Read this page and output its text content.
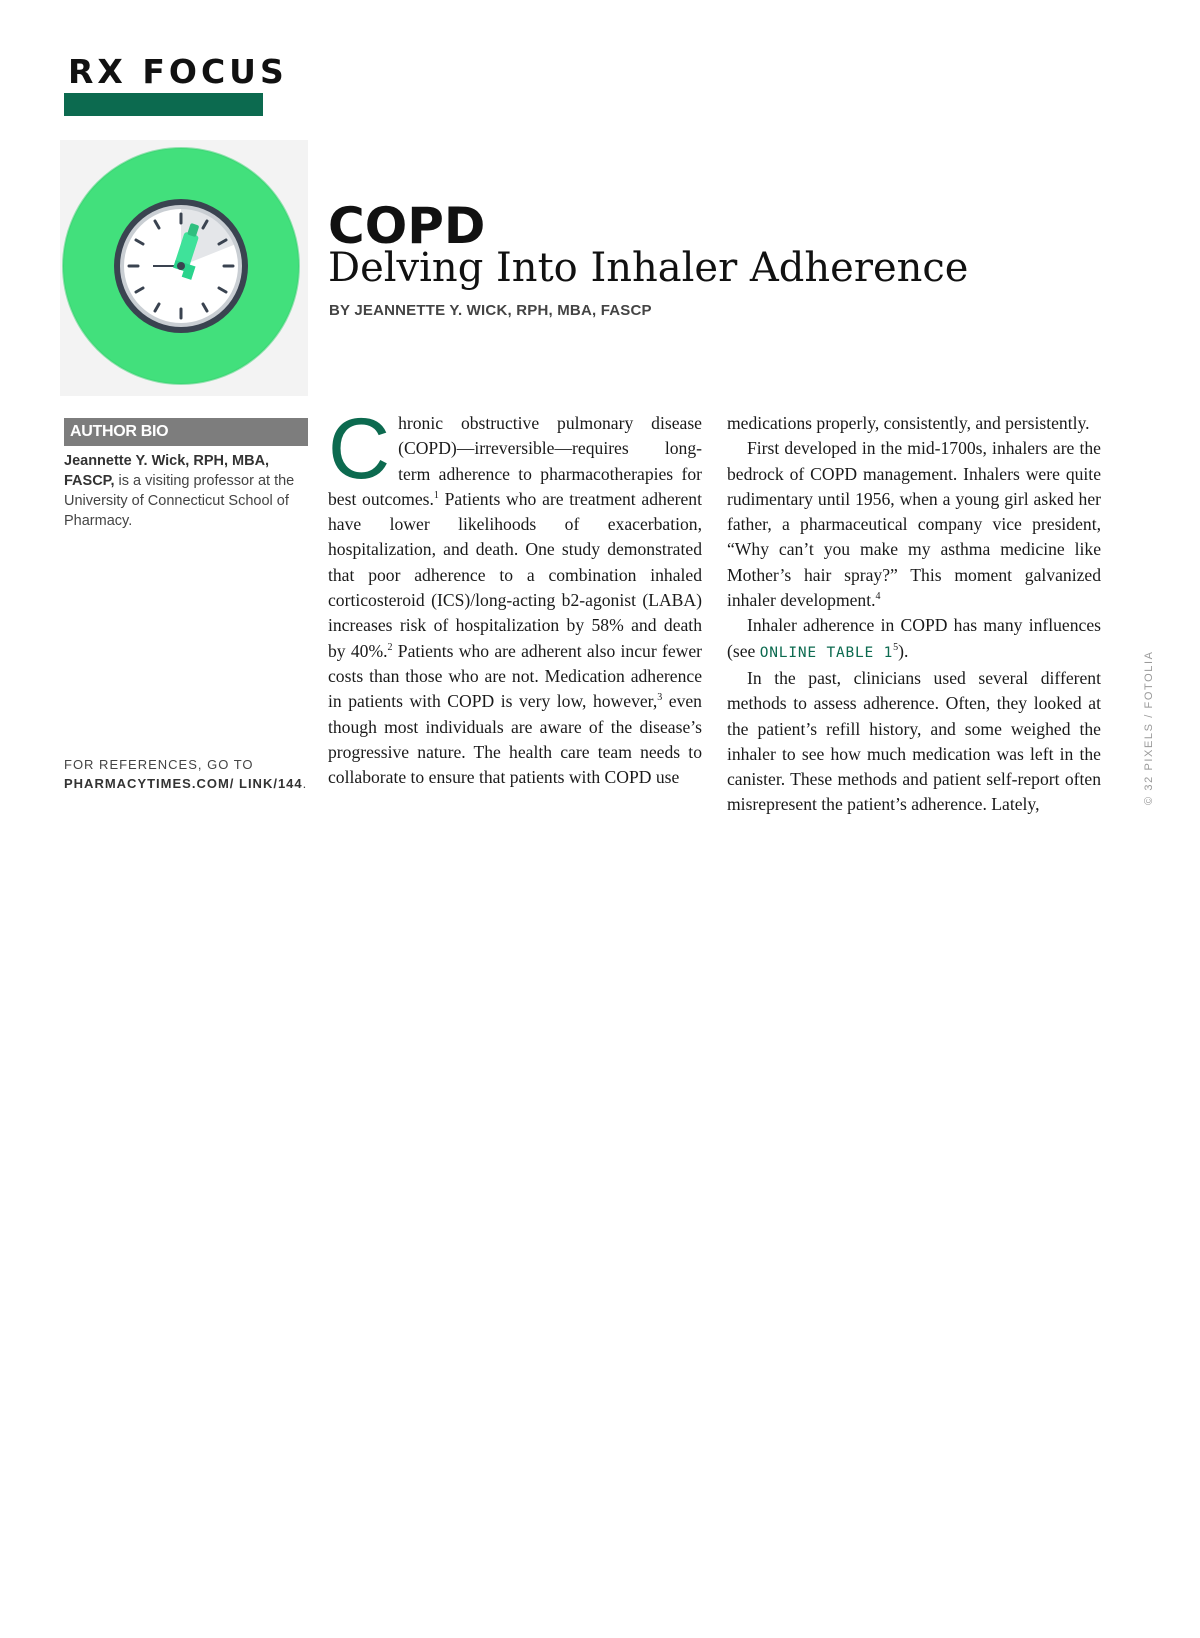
RX FOCUS
COPD
Delving Into Inhaler Adherence
BY JEANNETTE Y. WICK, RPH, MBA, FASCP
AUTHOR BIO
Jeannette Y. Wick, RPH, MBA, FASCP, is a visiting professor at the University of Connecticut School of Pharmacy.
FOR REFERENCES, GO TO PHARMACYTIMES.COM/ LINK/144.

Chronic obstructive pulmonary disease (COPD)—irreversible—requires long-term adherence to pharmacotherapies for best outcomes.$^1$ Patients who are treatment adherent have lower likelihoods of exacerbation, hospitalization, and death. One study demonstrated that poor adherence to a combination inhaled corticosteroid (ICS)/long-acting b2-agonist (LABA) increases risk of hospitalization by 58% and death by 40%.$^2$ Patients who are adherent also incur fewer costs than those who are not. Medication adherence in patients with COPD is very low, however,$^3$ even though most individuals are aware of the disease’s progressive nature. The health care team needs to collaborate to ensure that patients with COPD use

medications properly, consistently, and persistently.

First developed in the mid-1700s, inhalers are the bedrock of COPD management. Inhalers were quite rudimentary until 1956, when a young girl asked her father, a pharmaceutical company vice president, “Why can’t you make my asthma medicine like Mother’s hair spray?” This moment galvanized inhaler development.$^4$

Inhaler adherence in COPD has many influences (see ONLINE TABLE $1^5$).

In the past, clinicians used several different methods to assess adherence. Often, they looked at the patient’s refill history, and some weighed the inhaler to see how much medication was left in the canister. These methods and patient self-report often misrepresent the patient’s adherence. Lately,	© 32 PIXELS / FOTOLIA
